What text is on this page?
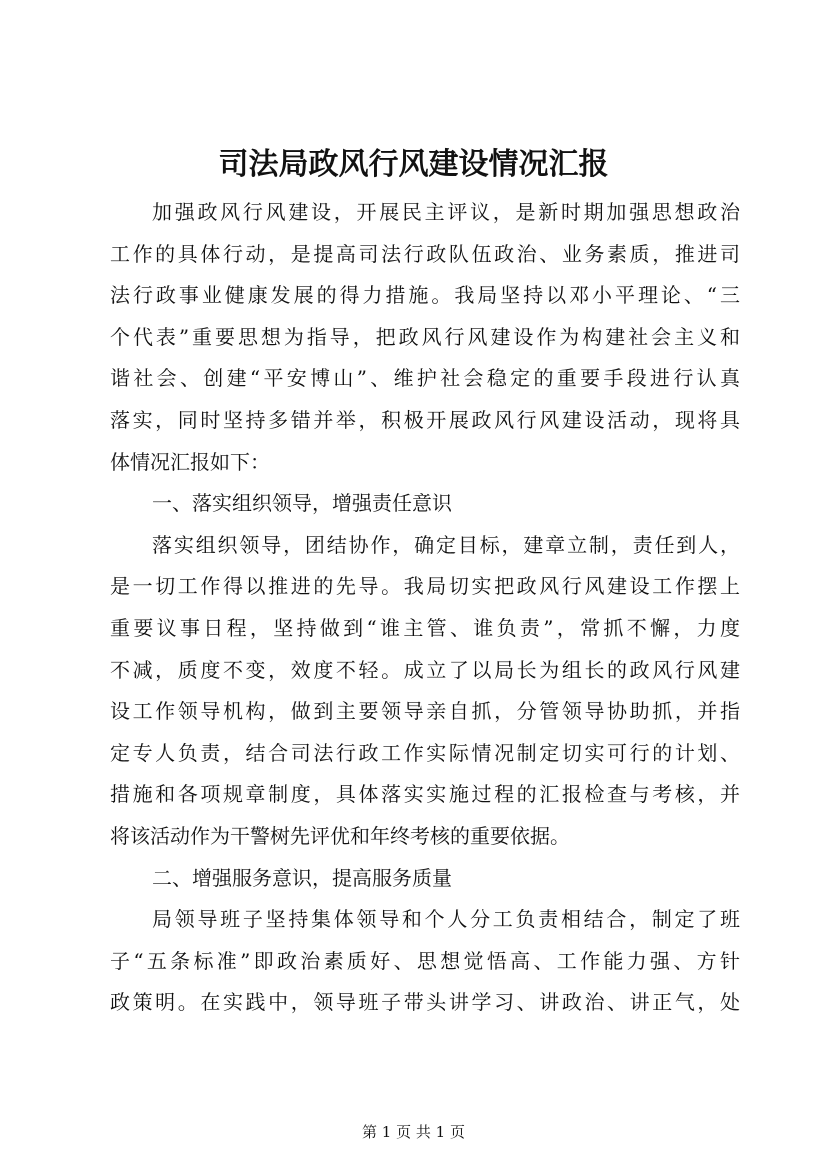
司法局政风行风建设情况汇报
加强政风行风建设，开展民主评议，是新时期加强思想政治
工作的具体行动，是提高司法行政队伍政治、业务素质，推进司
法行政事业健康发展的得力措施。我局坚持以邓小平理论、“三
个代表”重要思想为指导，把政风行风建设作为构建社会主义和
谐社会、创建“平安博山”、维护社会稳定的重要手段进行认真
落实，同时坚持多错并举，积极开展政风行风建设活动，现将具
体情况汇报如下：
一、落实组织领导，增强责任意识
落实组织领导，团结协作，确定目标，建章立制，责任到人，
是一切工作得以推进的先导。我局切实把政风行风建设工作摆上
重要议事日程，坚持做到“谁主管、谁负责”，常抓不懈，力度
不减，质度不变，效度不轻。成立了以局长为组长的政风行风建
设工作领导机构，做到主要领导亲自抓，分管领导协助抓，并指
定专人负责，结合司法行政工作实际情况制定切实可行的计划、
措施和各项规章制度，具体落实实施过程的汇报检查与考核，并
将该活动作为干警树先评优和年终考核的重要依据。
二、增强服务意识，提高服务质量
局领导班子坚持集体领导和个人分工负责相结合，制定了班
子“五条标准”即政治素质好、思想觉悟高、工作能力强、方针
政策明。在实践中，领导班子带头讲学习、讲政治、讲正气，处
第 1 页 共 1 页
